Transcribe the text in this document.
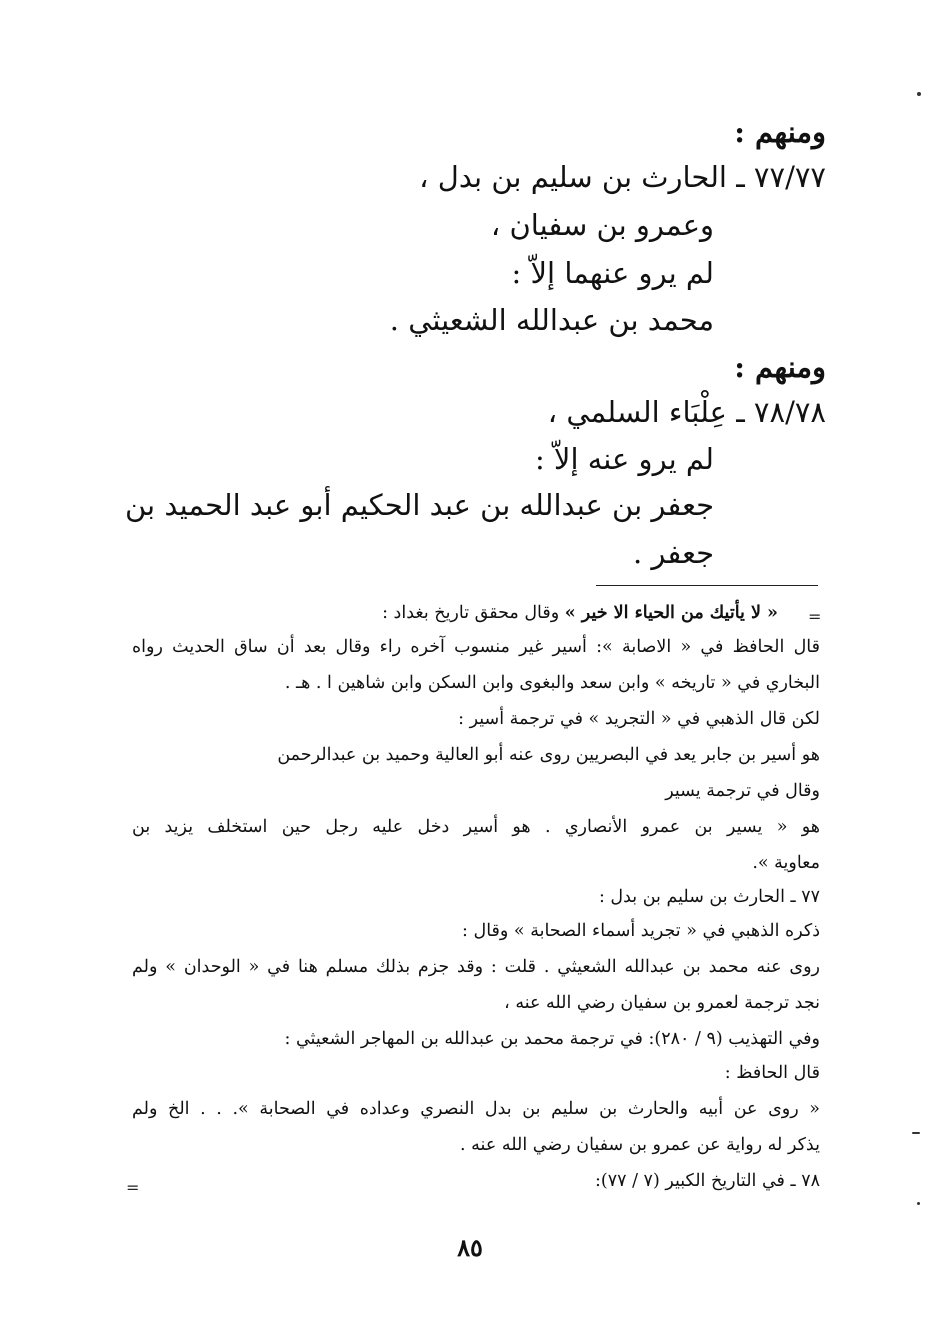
ومنهم :
٧٧/٧٧ ـ الحارث بن سليم بن بدل ،
وعمرو بن سفيان ،
لم يرو عنهما إلاّ :
محمد بن عبدالله الشعيثي .
ومنهم :
٧٨/٧٨ ـ عِلْبَاء السلمي ،
لم يرو عنه إلاّ :
جعفر بن عبدالله بن عبد الحكيم أبو عبد الحميد بن
جعفر .
=
=
« لا يأتيك من الحياء الا خير » وقال محقق تاريخ بغداد :
قال الحافظ في « الاصابة »: أسير غير منسوب آخره راء وقال بعد أن ساق الحديث رواه
البخاري في « تاريخه » وابن سعد والبغوى وابن السكن وابن شاهين ا . هـ .
لكن قال الذهبي في « التجريد » في ترجمة أسير :
هو أسير بن جابر يعد في البصريين روى عنه أبو العالية وحميد بن عبدالرحمن
وقال في ترجمة يسير
هو « يسير بن عمرو الأنصاري . هو أسير دخل عليه رجل حين استخلف يزيد بن
معاوية ».
٧٧ ـ الحارث بن سليم بن بدل :
ذكره الذهبي في « تجريد أسماء الصحابة » وقال :
روى عنه محمد بن عبدالله الشعيثي . قلت : وقد جزم بذلك مسلم هنا في « الوحدان » ولم
نجد ترجمة لعمرو بن سفيان رضي الله عنه ،
وفي التهذيب (٩ / ٢٨٠): في ترجمة محمد بن عبدالله بن المهاجر الشعيثي :
قال الحافظ :
« روى عن أبيه والحارث بن سليم بن بدل النصري وعداده في الصحابة ». . . الخ ولم
يذكر له رواية عن عمرو بن سفيان رضي الله عنه .
٧٨ ـ في التاريخ الكبير (٧ / ٧٧):
٨٥
